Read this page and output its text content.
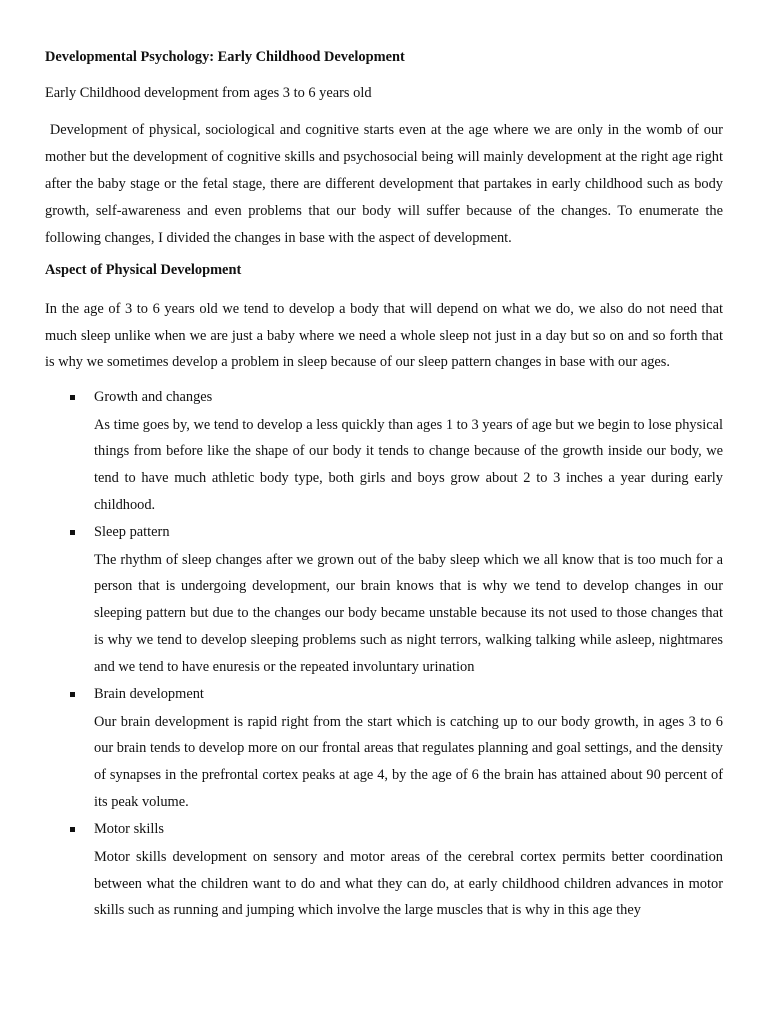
Developmental Psychology: Early Childhood Development
Early Childhood development from ages 3 to 6 years old
Development of physical, sociological and cognitive starts even at the age where we are only in the womb of our mother but the development of cognitive skills and psychosocial being will mainly development at the right age right after the baby stage or the fetal stage, there are different development that partakes in early childhood such as body growth, self-awareness and even problems that our body will suffer because of the changes. To enumerate the following changes, I divided the changes in base with the aspect of development.
Aspect of Physical Development
In the age of 3 to 6 years old we tend to develop a body that will depend on what we do, we also do not need that much sleep unlike when we are just a baby where we need a whole sleep not just in a day but so on and so forth that is why we sometimes develop a problem in sleep because of our sleep pattern changes in base with our ages.
Growth and changes
As time goes by, we tend to develop a less quickly than ages 1 to 3 years of age but we begin to lose physical things from before like the shape of our body it tends to change because of the growth inside our body, we tend to have much athletic body type, both girls and boys grow about 2 to 3 inches a year during early childhood.
Sleep pattern
The rhythm of sleep changes after we grown out of the baby sleep which we all know that is too much for a person that is undergoing development, our brain knows that is why we tend to develop changes in our sleeping pattern but due to the changes our body became unstable because its not used to those changes that is why we tend to develop sleeping problems such as night terrors, walking talking while asleep, nightmares and we tend to have enuresis or the repeated involuntary urination
Brain development
Our brain development is rapid right from the start which is catching up to our body growth, in ages 3 to 6 our brain tends to develop more on our frontal areas that regulates planning and goal settings, and the density of synapses in the prefrontal cortex peaks at age 4, by the age of 6 the brain has attained about 90 percent of its peak volume.
Motor skills
Motor skills development on sensory and motor areas of the cerebral cortex permits better coordination between what the children want to do and what they can do, at early childhood children advances in motor skills such as running and jumping which involve the large muscles that is why in this age they
